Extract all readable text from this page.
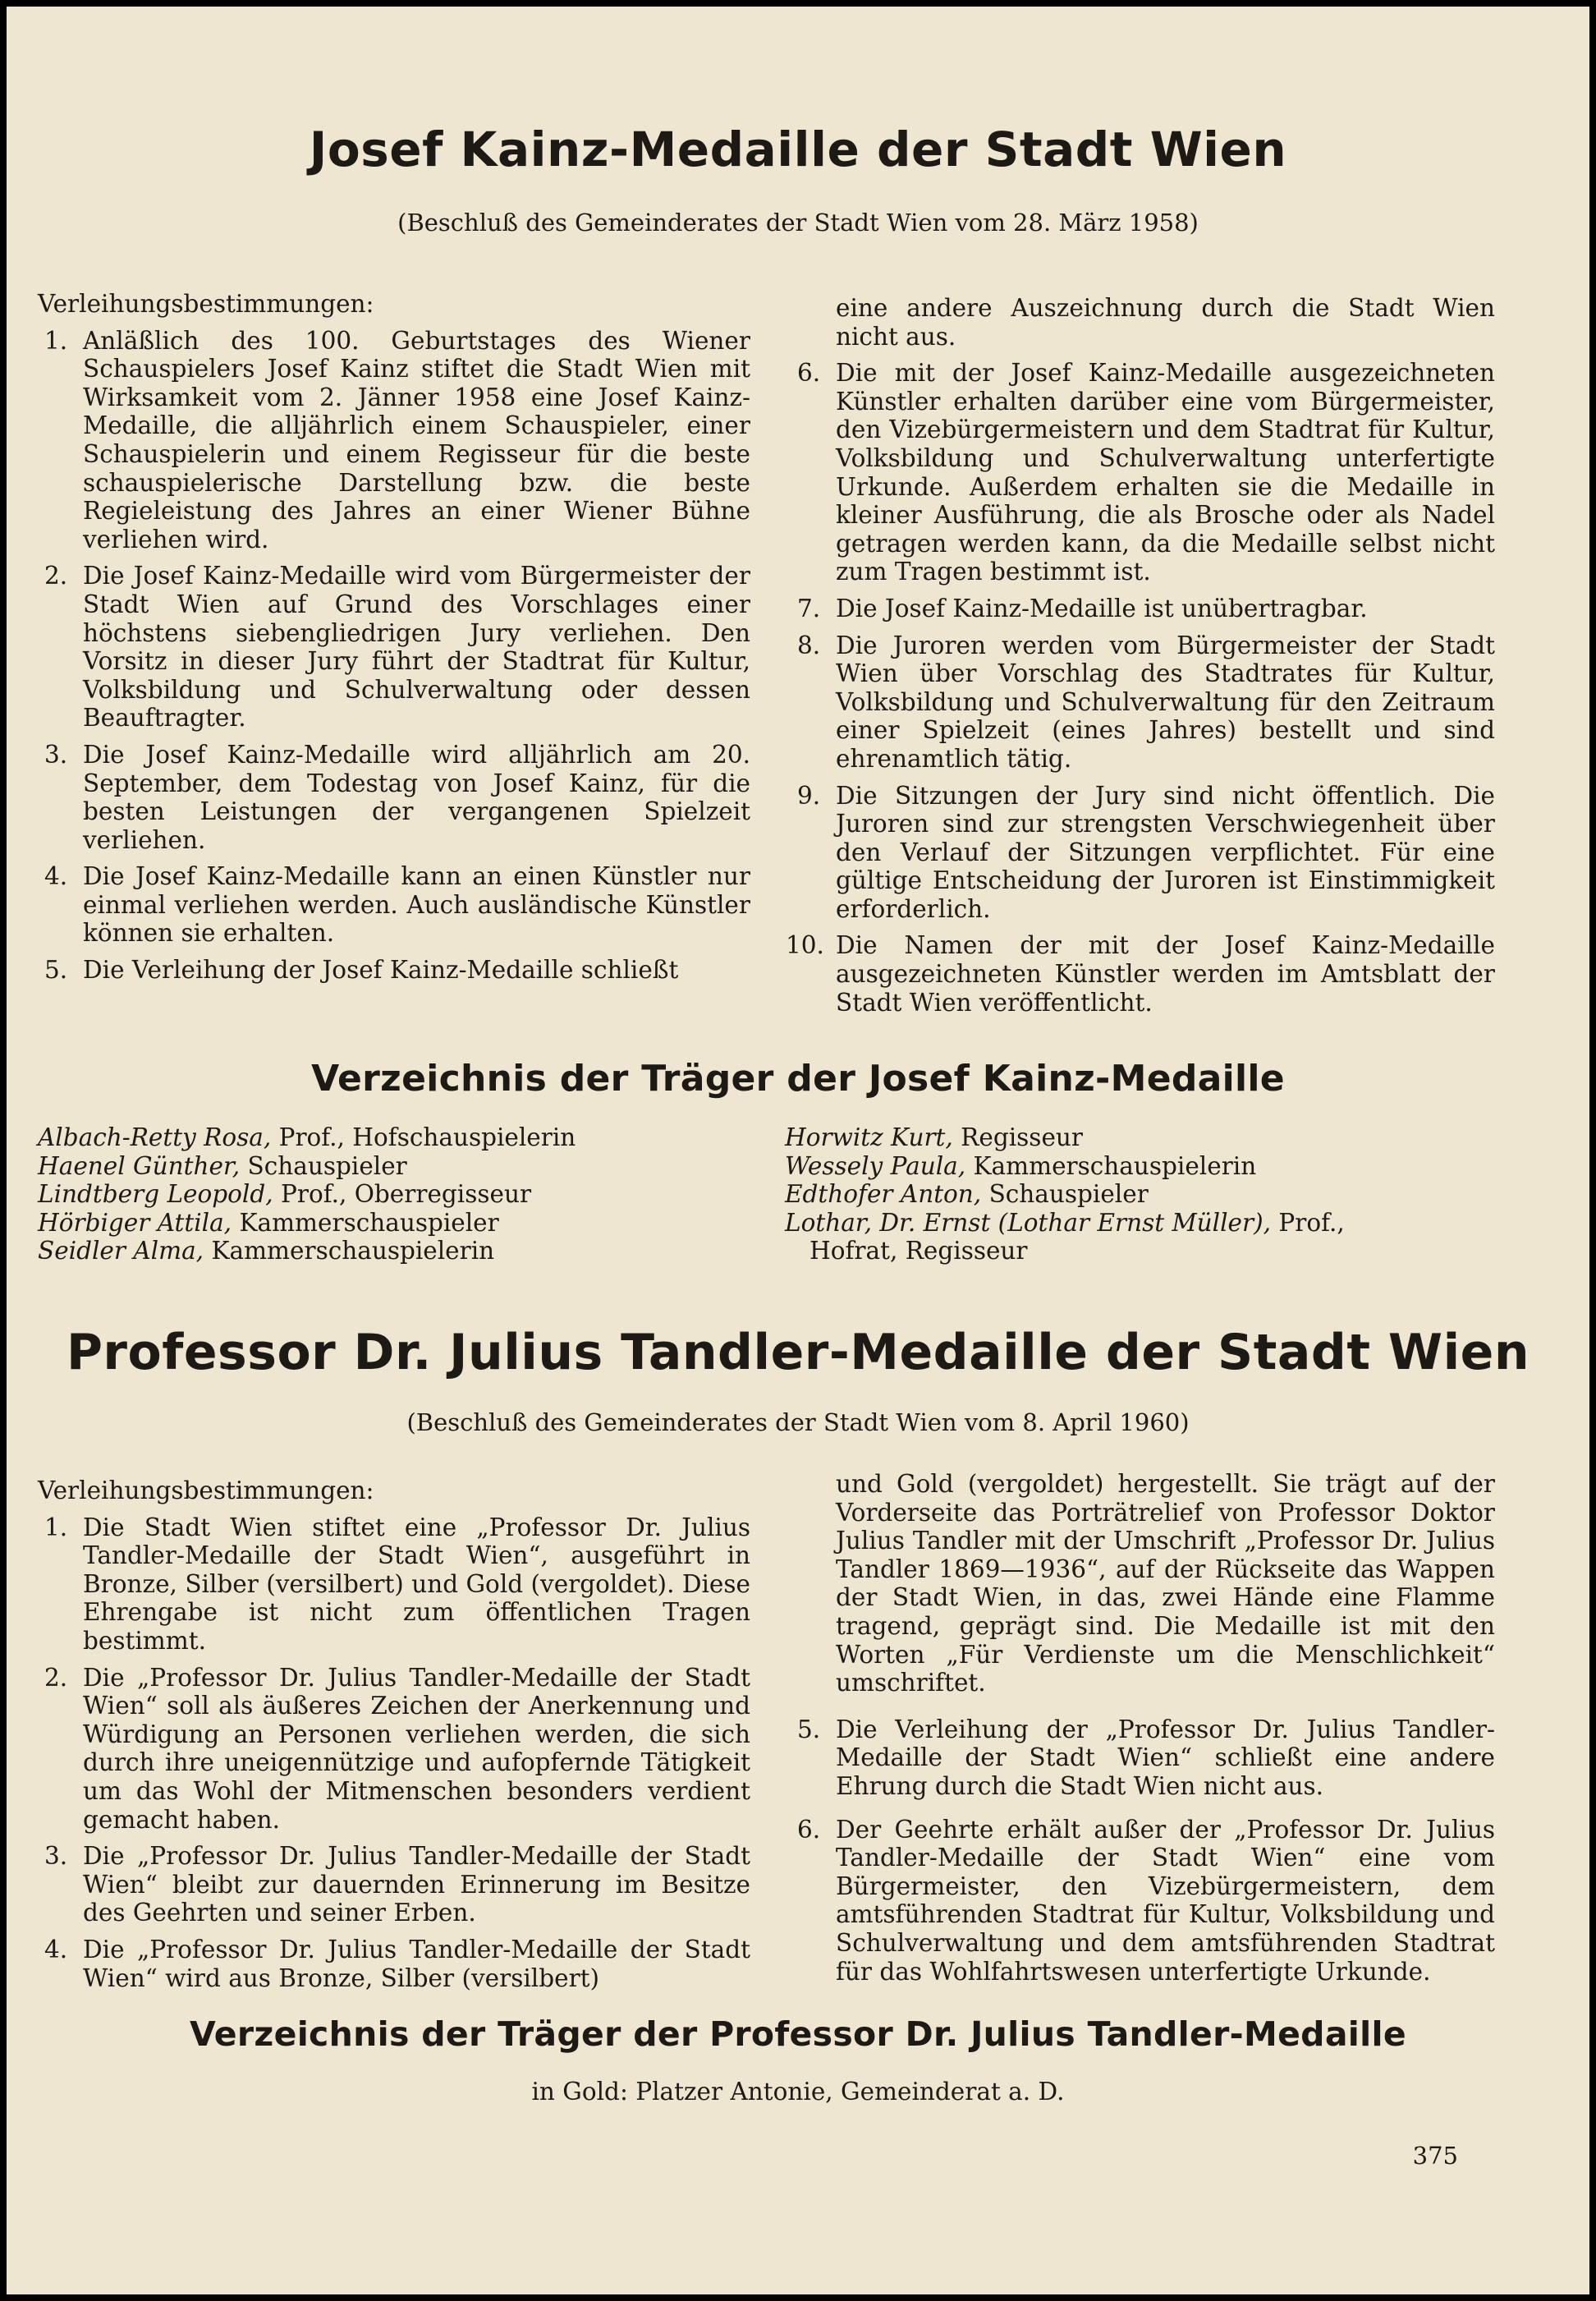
Josef Kainz-Medaille der Stadt Wien

(Beschluß des Gemeinderates der Stadt Wien vom 28. März 1958)

Verleihungsbestimmungen:

1. Anläßlich des 100. Geburtstages des Wiener Schauspielers Josef Kainz stiftet die Stadt Wien mit Wirksamkeit vom 2. Jänner 1958 eine Josef Kainz-Medaille, die alljährlich einem Schauspieler, einer Schauspielerin und einem Regisseur für die beste schauspielerische Darstellung bzw. die beste Regieleistung des Jahres an einer Wiener Bühne verliehen wird.
2. Die Josef Kainz-Medaille wird vom Bürgermeister der Stadt Wien auf Grund des Vorschlages einer höchstens siebengliedrigen Jury verliehen. Den Vorsitz in dieser Jury führt der Stadtrat für Kultur, Volksbildung und Schulverwaltung oder dessen Beauftragter.
3. Die Josef Kainz-Medaille wird alljährlich am 20. September, dem Todestag von Josef Kainz, für die besten Leistungen der vergangenen Spielzeit verliehen.
4. Die Josef Kainz-Medaille kann an einen Künstler nur einmal verliehen werden. Auch ausländische Künstler können sie erhalten.
5. Die Verleihung der Josef Kainz-Medaille schließt

eine andere Auszeichnung durch die Stadt Wien nicht aus.

6. Die mit der Josef Kainz-Medaille ausgezeichneten Künstler erhalten darüber eine vom Bürgermeister, den Vizebürgermeistern und dem Stadtrat für Kultur, Volksbildung und Schulverwaltung unterfertigte Urkunde. Außerdem erhalten sie die Medaille in kleiner Ausführung, die als Brosche oder als Nadel getragen werden kann, da die Medaille selbst nicht zum Tragen bestimmt ist.
7. Die Josef Kainz-Medaille ist unübertragbar.
8. Die Juroren werden vom Bürgermeister der Stadt Wien über Vorschlag des Stadtrates für Kultur, Volksbildung und Schulverwaltung für den Zeitraum einer Spielzeit (eines Jahres) bestellt und sind ehrenamtlich tätig.
9. Die Sitzungen der Jury sind nicht öffentlich. Die Juroren sind zur strengsten Verschwiegenheit über den Verlauf der Sitzungen verpflichtet. Für eine gültige Entscheidung der Juroren ist Einstimmigkeit erforderlich.
10. Die Namen der mit der Josef Kainz-Medaille ausgezeichneten Künstler werden im Amtsblatt der Stadt Wien veröffentlicht.
Verzeichnis der Träger der Josef Kainz-Medaille
Albach-Retty Rosa, Prof., Hofschauspielerin
Haenel Günther, Schauspieler
Lindtberg Leopold, Prof., Oberregisseur
Hörbiger Attila, Kammerschauspieler
Seidler Alma, Kammerschauspielerin
Horwitz Kurt, Regisseur
Wessely Paula, Kammerschauspielerin
Edthofer Anton, Schauspieler
Lothar, Dr. Ernst (Lothar Ernst Müller), Prof.,
Hofrat, Regisseur
Professor Dr. Julius Tandler-Medaille der Stadt Wien

(Beschluß des Gemeinderates der Stadt Wien vom 8. April 1960)

Verleihungsbestimmungen:

1. Die Stadt Wien stiftet eine „Professor Dr. Julius Tandler-Medaille der Stadt Wien“, ausgeführt in Bronze, Silber (versilbert) und Gold (vergoldet). Diese Ehrengabe ist nicht zum öffentlichen Tragen bestimmt.
2. Die „Professor Dr. Julius Tandler-Medaille der Stadt Wien“ soll als äußeres Zeichen der Anerkennung und Würdigung an Personen verliehen werden, die sich durch ihre uneigennützige und aufopfernde Tätigkeit um das Wohl der Mitmenschen besonders verdient gemacht haben.
3. Die „Professor Dr. Julius Tandler-Medaille der Stadt Wien“ bleibt zur dauernden Erinnerung im Besitze des Geehrten und seiner Erben.
4. Die „Professor Dr. Julius Tandler-Medaille der Stadt Wien“ wird aus Bronze, Silber (versilbert)

und Gold (vergoldet) hergestellt. Sie trägt auf der Vorderseite das Porträtrelief von Professor Doktor Julius Tandler mit der Umschrift „Professor Dr. Julius Tandler 1869—1936“, auf der Rückseite das Wappen der Stadt Wien, in das, zwei Hände eine Flamme tragend, geprägt sind. Die Medaille ist mit den Worten „Für Verdienste um die Menschlichkeit“ umschriftet.

5. Die Verleihung der „Professor Dr. Julius Tandler-Medaille der Stadt Wien“ schließt eine andere Ehrung durch die Stadt Wien nicht aus.
6. Der Geehrte erhält außer der „Professor Dr. Julius Tandler-Medaille der Stadt Wien“ eine vom Bürgermeister, den Vizebürgermeistern, dem amtsführenden Stadtrat für Kultur, Volksbildung und Schulverwaltung und dem amtsführenden Stadtrat für das Wohlfahrtswesen unterfertigte Urkunde.
Verzeichnis der Träger der Professor Dr. Julius Tandler-Medaille

in Gold: Platzer Antonie, Gemeinderat a. D.

375
